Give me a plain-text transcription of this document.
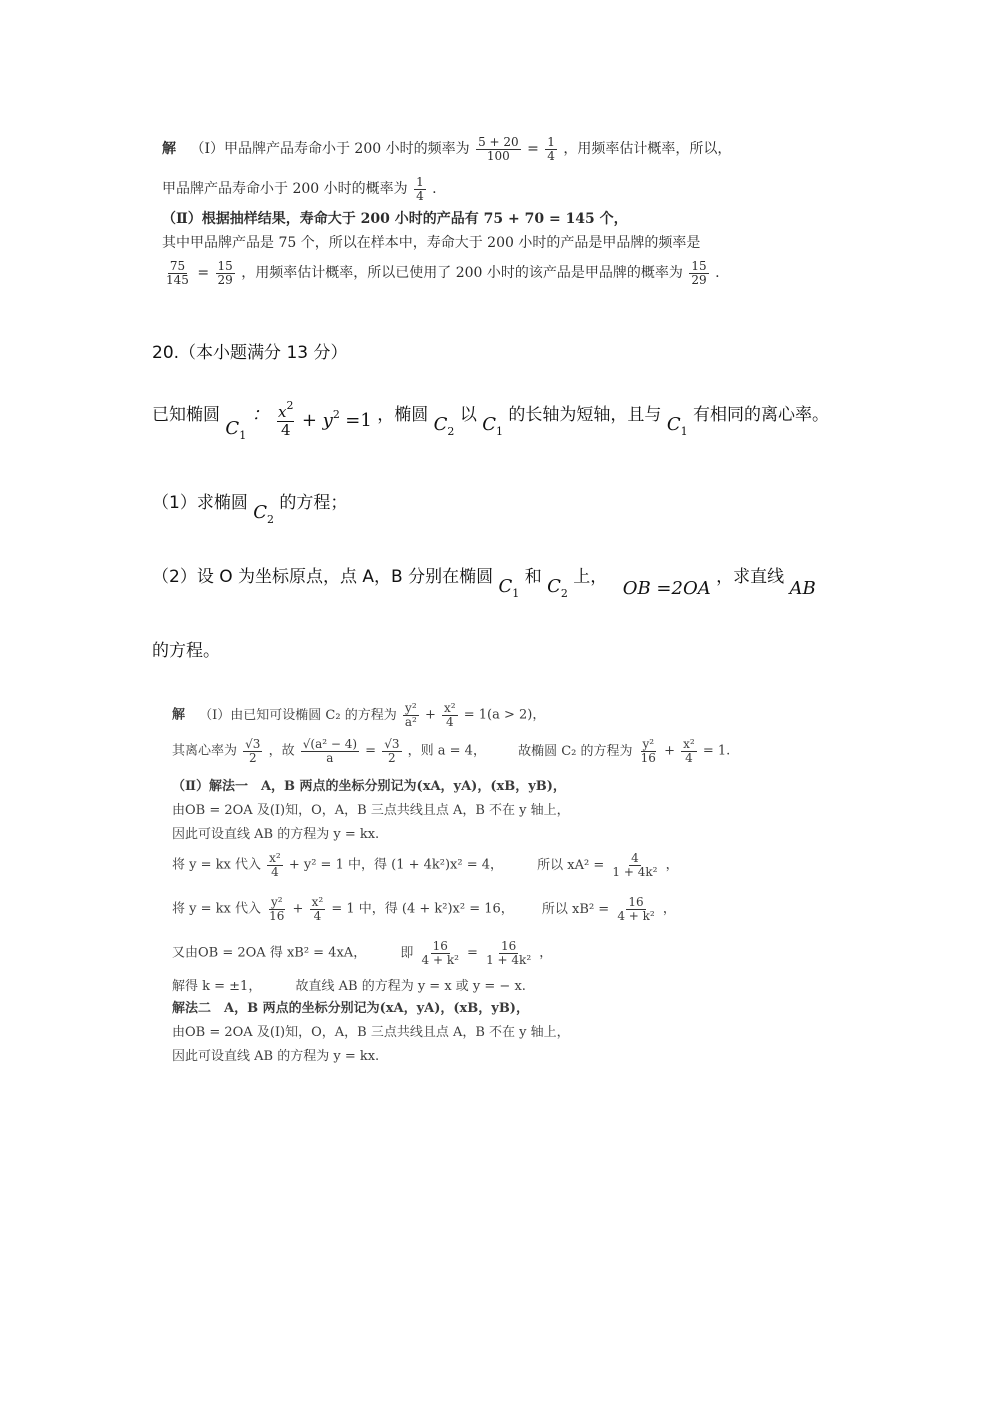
解 （Ⅰ）甲品牌产品寿命小于 200 小时的频率为 $\frac{5 + 20}{100} = \frac{1}{4}$ ，用频率估计概率，所以，
甲品牌产品寿命小于 200 小时的概率为 $\frac{1}{4}$ .
（Ⅱ）根据抽样结果，寿命大于 200 小时的产品有 75 + 70 = 145 个，
其中甲品牌产品是 75 个，所以在样本中，寿命大于 200 小时的产品是甲品牌的频率是
$\frac{75}{145} = \frac{15}{29}$ ，用频率估计概率，所以已使用了 200 小时的该产品是甲品牌的概率为 $\frac{15}{29}$ .
20.（本小题满分 13 分）
已知椭圆 $C_1$ ： $\frac{x^2}{4} + y^2 =1$ ，椭圆 $C_2$ 以 $C_1$ 的长轴为短轴，且与 $C_1$ 有相同的离心率。
（1）求椭圆 $C_2$ 的方程；
（2）设 O 为坐标原点，点 A，B 分别在椭圆 $C_1$ 和 $C_2$ 上， OB =2OA ，求直线 AB
的方程。
解 （Ⅰ）由已知可设椭圆 C₂ 的方程为 $\frac{\text{y²}}{\text{a²}} + \frac{\text{x²}}{4} = 1(a > 2)$，
其离心率为 $\frac{√3}{2}$ ，故 $\frac{\text{√(a² − 4)}}{a} = \frac{√3}{2}$ ，则 a = 4， 故椭圆 C₂ 的方程为 $\frac{\text{y²}}{16} + \frac{\text{x²}}{4} = 1$.
（Ⅱ）解法一　A，B 两点的坐标分别记为(xA，yA)，(xB，yB)，
由OB = 2OA 及(Ⅰ)知，O，A，B 三点共线且点 A，B 不在 y 轴上，
因此可设直线 AB 的方程为 y = kx.
将 y = kx 代入 $\frac{\text{x²}}{4} + y^2 = 1$ 中，得 (1 + 4k²)x² = 4，	所以 $xA^2 = \frac{4}{\text{1 + 4k²}}$ ，
将 y = kx 代入 $\frac{\text{y²}}{16} + \frac{\text{x²}}{4} = 1$ 中，得 (4 + k²)x² = 16， 所以 $xB^2 = \frac{16}{\text{4 + k²}}$ ，
又由OB = 2OA 得 xB² = 4xA，	即 $\frac{16}{\text{4 + k²}} = \frac{16}{\text{1 + 4k²}}$ ，
解得 k = ±1，	故直线 AB 的方程为 y = x 或 y = − x.
解法二　A，B 两点的坐标分别记为(xA，yA)，(xB，yB)，
由OB = 2OA 及(Ⅰ)知，O，A，B 三点共线且点 A，B 不在 y 轴上，
因此可设直线 AB 的方程为 y = kx.
